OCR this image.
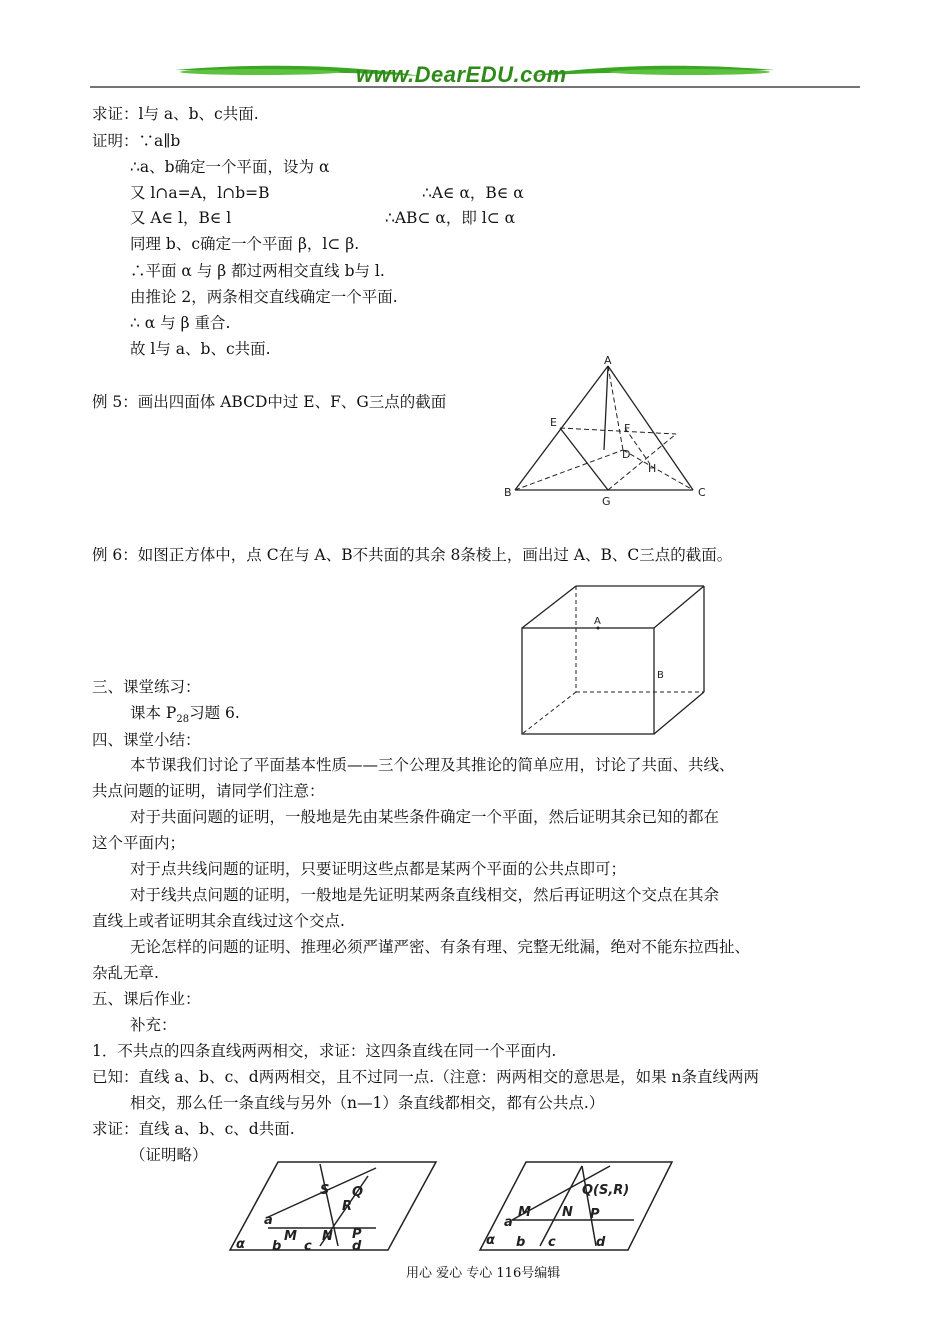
www.DearEDU.com
求证：l与 a、b、c共面.
证明：∵a∥b
∴a、b确定一个平面，设为 α
又 l∩a=A，l∩b=B	∴A∈ α，B∈ α
又 A∈ l，B∈ l	∴AB⊂ α，即 l⊂ α
同理 b、c确定一个平面 β，l⊂ β.
∴平面 α 与 β 都过两相交直线 b与 l.
由推论 2，两条相交直线确定一个平面.
∴ α 与 β 重合.
故 l与 a、b、c共面.
例 5：画出四面体 ABCD中过 E、F、G三点的截面
A
E	F
D
H
B
G
C
例 6：如图正方体中，点 C在与 A、B不共面的其余 8条棱上，画出过 A、B、C三点的截面。
A
B
三、课堂练习：
课本 $P_{28}$习题 6.
四、课堂小结：
本节课我们讨论了平面基本性质——三个公理及其推论的简单应用，讨论了共面、共线、
共点问题的证明，请同学们注意：
对于共面问题的证明，一般地是先由某些条件确定一个平面，然后证明其余已知的都在
这个平面内；
对于点共线问题的证明，只要证明这些点都是某两个平面的公共点即可；
对于线共点问题的证明，一般地是先证明某两条直线相交，然后再证明这个交点在其余
直线上或者证明其余直线过这个交点.
无论怎样的问题的证明、推理必须严谨严密、有条有理、完整无纰漏，绝对不能东拉西扯、
杂乱无章.
五、课后作业：
补充：
1．不共点的四条直线两两相交，求证：这四条直线在同一个平面内.
已知：直线 a、b、c、d两两相交，且不过同一点.（注意：两两相交的意思是，如果 n条直线两两
相交，那么任一条直线与另外（n—1）条直线都相交，都有公共点.）
求证：直线 a、b、c、d共面.
（证明略）
S Q
R
a
M N P
α b c	d
Q(S,R)
a
M N P
α b c	d
用心 爱心 专心 116号编辑
